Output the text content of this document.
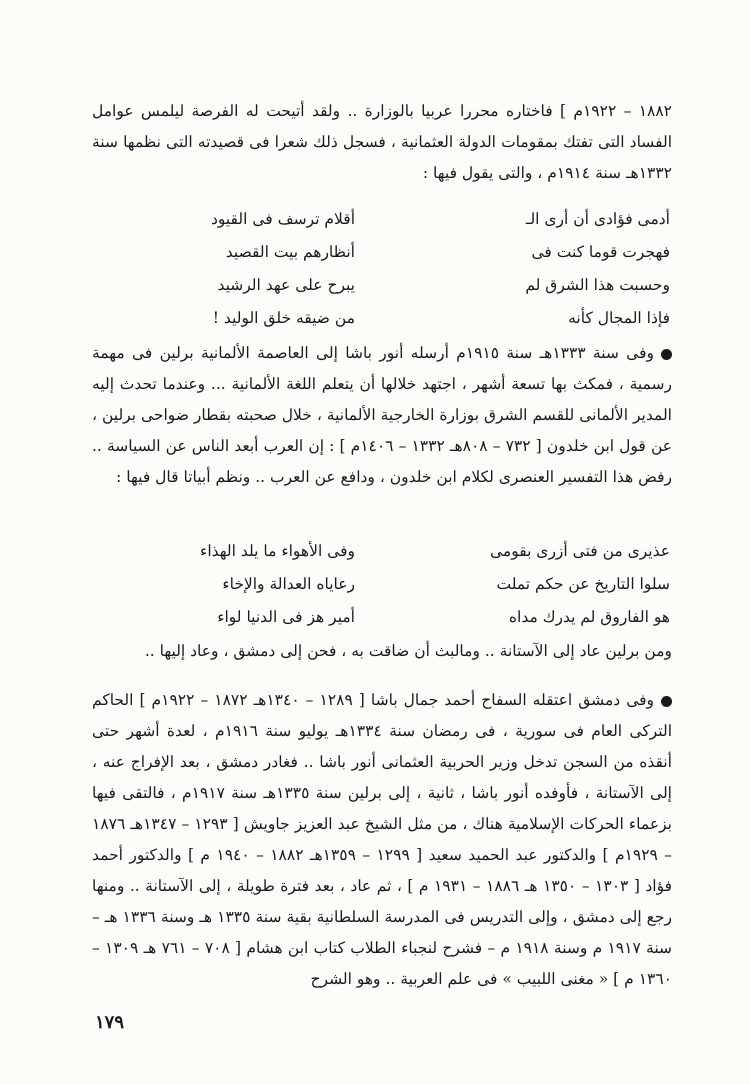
١٨٨٢ – ١٩٢٢م ] فاختاره محررا عربيا بالوزارة .. ولقد أتيحت له الفرصة ليلمس عوامل الفساد التى تفتك بمقومات الدولة العثمانية ، فسجل ذلك شعرا فى قصيدته التى نظمها سنة ١٣٣٢هـ سنة ١٩١٤م ، والتى يقول فيها :

أدمى فؤادى أن أرى الـ
أقلام ترسف فى القيود
فهجرت قوما كنت فى
أنظارهم بيت القصيد
وحسبت هذا الشرق لم
يبرح على عهد الرشيد
فإذا المجال كأنه
من ضيقه خلق الوليد !

وفى سنة ١٣٣٣هـ سنة ١٩١٥م أرسله أنور باشا إلى العاصمة الألمانية برلين فى مهمة رسمية ، فمكث بها تسعة أشهر ، اجتهد خلالها أن يتعلم اللغة الألمانية ... وعندما تحدث إليه المدير الألمانى للقسم الشرق بوزارة الخارجية الألمانية ، خلال صحبته بقطار ضواحى برلين ، عن قول ابن خلدون [ ٧٣٢ – ٨٠٨هـ ١٣٣٢ – ١٤٠٦م ] : إن العرب أبعد الناس عن السياسة .. رفض هذا التفسير العنصرى لكلام ابن خلدون ، ودافع عن العرب .. ونظم أبياتا قال فيها :

عذيرى من فتى أزرى بقومى
وفى الأهواء ما يلد الهذاء
سلوا التاريخ عن حكم تملت
رعاياه العدالة والإخاء
هو الفاروق لم يدرك مداه
أمير هز فى الدنيا لواء

ومن برلين عاد إلى الآستانة .. ومالبث أن ضاقت به ، فحن إلى دمشق ، وعاد إليها ..

وفى دمشق اعتقله السفاح أحمد جمال باشا [ ١٢٨٩ – ١٣٤٠هـ ١٨٧٢ – ١٩٢٢م ] الحاكم التركى العام فى سورية ، فى رمضان سنة ١٣٣٤هـ يوليو سنة ١٩١٦م ، لعدة أشهر حتى أنقذه من السجن تدخل وزير الحربية العثمانى أنور باشا .. فغادر دمشق ، بعد الإفراج عنه ، إلى الآستانة ، فأوفده أنور باشا ، ثانية ، إلى برلين سنة ١٣٣٥هـ سنة ١٩١٧م ، فالتقى فيها بزعماء الحركات الإسلامية هناك ، من مثل الشيخ عبد العزيز جاويش [ ١٢٩٣ – ١٣٤٧هـ ١٨٧٦ – ١٩٢٩م ] والدكتور عبد الحميد سعيد [ ١٢٩٩ – ١٣٥٩هـ ١٨٨٢ – ١٩٤٠ م ] والدكتور أحمد فؤاد [ ١٣٠٣ – ١٣٥٠ هـ ١٨٨٦ – ١٩٣١ م ] ، ثم عاد ، بعد فترة طويلة ، إلى الآستانة .. ومنها رجع إلى دمشق ، وإلى التدريس فى المدرسة السلطانية بقية سنة ١٣٣٥ هـ وسنة ١٣٣٦ هـ – سنة ١٩١٧ م وسنة ١٩١٨ م – فشرح لنجباء الطلاب كتاب ابن هشام [ ٧٠٨ – ٧٦١ هـ ١٣٠٩ – ١٣٦٠ م ] « مغنى اللبيب » فى علم العربية .. وهو الشرح

١٧٩
